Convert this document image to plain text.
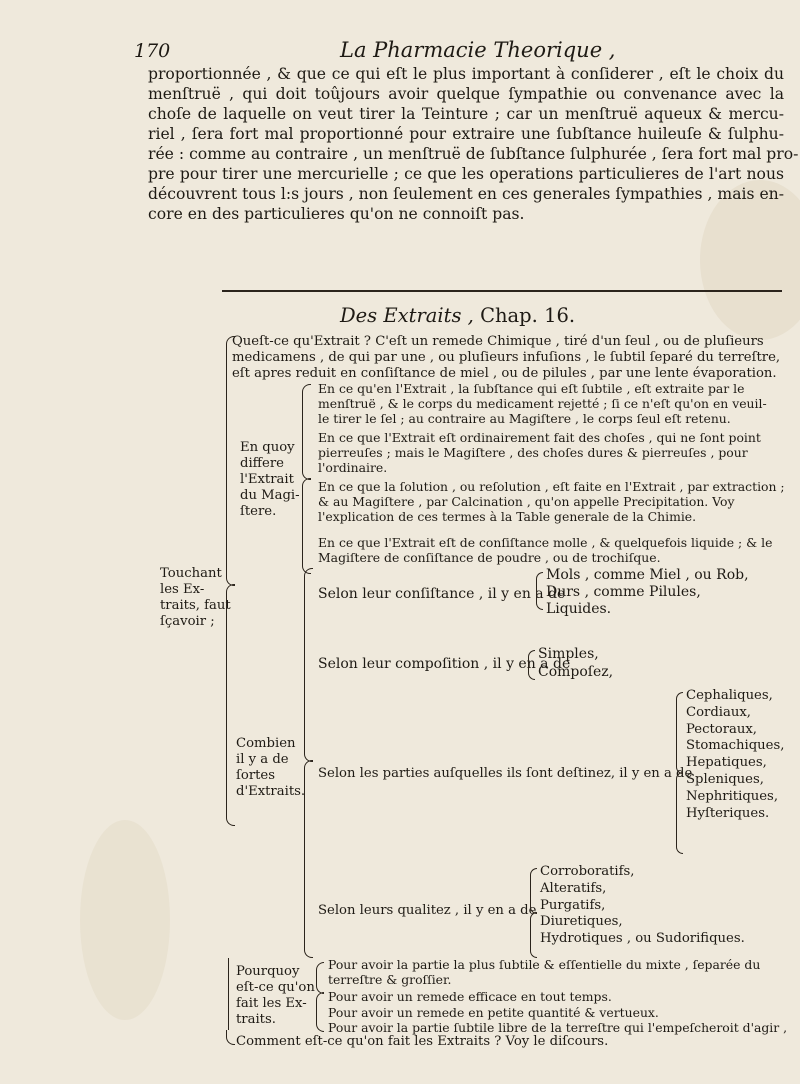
170	La Pharmacie Theorique ,
proportionnée , & que ce qui eſt le plus important à conſiderer , eſt le choix du
menſtruë , qui doit toûjours avoir quelque ſympathie ou convenance avec la
choſe de laquelle on veut tirer la Teinture ; car un menſtruë aqueux & mercu-
riel , ſera fort mal proportionné pour extraire une ſubſtance huileuſe & ſulphu-
rée : comme au contraire , un menſtruë de ſubſtance ſulphurée , ſera fort mal pro-
pre pour tirer une mercurielle ; ce que les operations particulieres de l'art nous
découvrent tous l:s jours , non ſeulement en ces generales ſympathies , mais en-
core en des particulieres qu'on ne connoiſt pas.
Des Extraits , Chap. 16.
Queſt-ce qu'Extrait ? C'eſt un remede Chimique , tiré d'un ſeul , ou de pluſieurs
medicamens , de qui par une , ou pluſieurs infuſions , le ſubtil ſeparé du terreſtre,
eſt apres reduit en conſiſtance de miel , ou de pilules , par une lente évaporation.
Touchant
les Ex-
traits, faut
ſçavoir ;
En quoy
differe
l'Extrait
du Magi-
ſtere.
En ce qu'en l'Extrait , la ſubſtance qui eſt ſubtile , eſt extraite par le
menſtruë , & le corps du medicament rejetté ; ſi ce n'eſt qu'on en veuil-
le tirer le ſel ; au contraire au Magiſtere , le corps ſeul eſt retenu.
En ce que l'Extrait eſt ordinairement fait des choſes , qui ne ſont point
pierreuſes ; mais le Magiſtere , des choſes dures & pierreuſes , pour
l'ordinaire.
En ce que la ſolution , ou reſolution , eſt faite en l'Extrait , par extraction ;
& au Magiſtere , par Calcination , qu'on appelle Precipitation. Voy
l'explication de ces termes à la Table generale de la Chimie.
En ce que l'Extrait eſt de conſiſtance molle , & quelquefois liquide ; & le
Magiſtere de conſiſtance de poudre , ou de trochiſque.
Combien
il y a de
ſortes
d'Extraits.
Selon leur conſiſtance , il y en a de
Mols , comme Miel , ou Rob,
Durs , comme Pilules,
Liquides.
Selon leur compoſition , il y en a de
Simples,
Compoſez,
Selon les parties auſquelles ils ſont deſtinez, il y en a de
Cephaliques,
Cordiaux,
Pectoraux,
Stomachiques,
Hepatiques,
Spleniques,
Nephritiques,
Hyſteriques.
Selon leurs qualitez , il y en a de
Corroboratifs,
Alteratifs,
Purgatifs,
Diuretiques,
Hydrotiques , ou Sudorifiques.
Pourquoy
eſt-ce qu'on
fait les Ex-
traits.
Pour avoir la partie la plus ſubtile & eſſentielle du mixte , ſeparée du
terreſtre & groſſier.
Pour avoir un remede efficace en tout temps.
Pour avoir un remede en petite quantité & vertueux.
Pour avoir la partie ſubtile libre de la terreſtre qui l'empeſcheroit d'agir ,
Comment eſt-ce qu'on fait les Extraits ? Voy le diſcours.
